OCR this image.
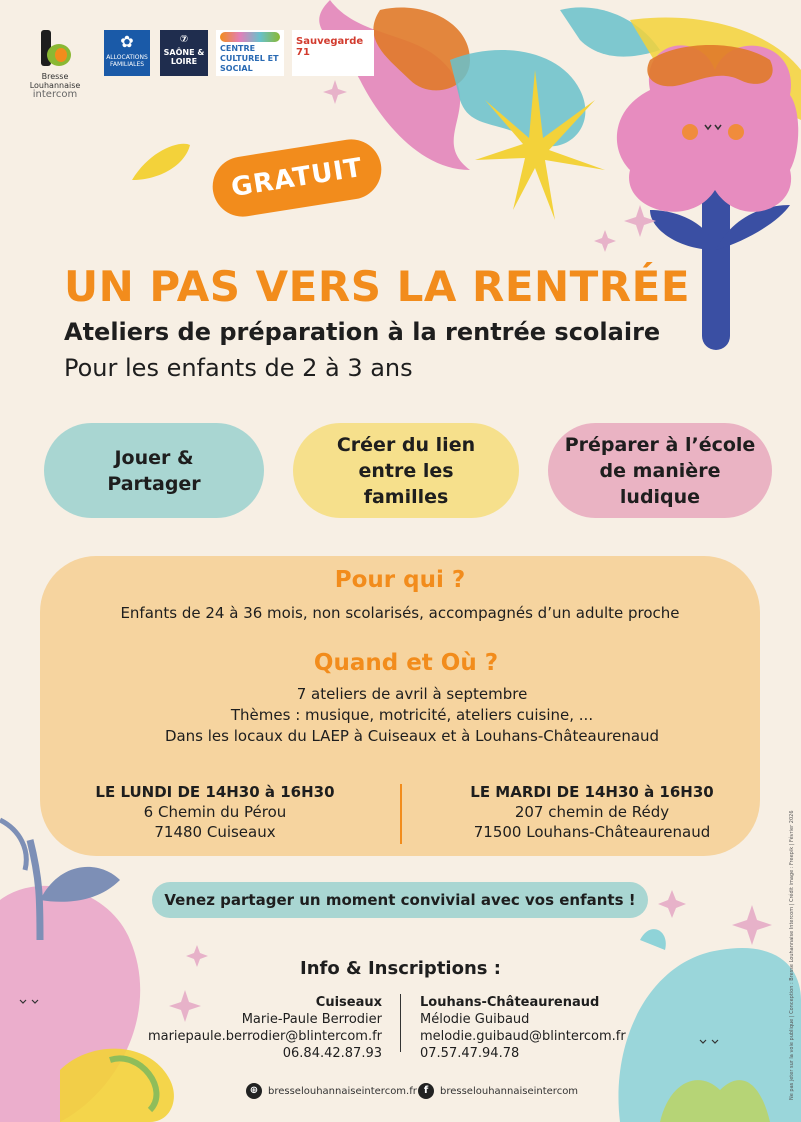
Bresse Louhannaise
intercom
✿
ALLOCATIONS FAMILIALES
⑦
SAÔNE & LOIRE
CENTRE CULTUREL ET SOCIAL
Sauvegarde 71
GRATUIT
UN PAS VERS LA RENTRÉE
Ateliers de préparation à la rentrée scolaire
Pour les enfants de 2 à 3 ans
Jouer & Partager
Créer du lien entre les familles
Préparer à l’école de manière ludique
Pour qui ?
Enfants de 24 à 36 mois, non scolarisés, accompagnés d’un adulte proche
Quand et Où ?
7 ateliers de avril à septembre
Thèmes : musique, motricité, ateliers cuisine, ...
Dans les locaux du LAEP à Cuiseaux et à Louhans-Châteaurenaud
LE LUNDI DE 14H30 à 16H30
6 Chemin du Pérou
71480 Cuiseaux
LE MARDI DE 14H30 à 16H30
207 chemin de Rédy
71500 Louhans-Châteaurenaud
Venez partager un moment convivial avec vos enfants !
Info & Inscriptions :
Cuiseaux
Marie-Paule Berrodier
mariepaule.berrodier@blintercom.fr
06.84.42.87.93
Louhans-Châteaurenaud
Mélodie Guibaud
melodie.guibaud@blintercom.fr
07.57.47.94.78
⊕ bresselouhannaiseintercom.fr f	bresselouhannaiseintercom	Ne pas jeter sur la voie publique | Conception : Bresse Louhannaise Intercom | Crédit image : Freepik | Février 2026
